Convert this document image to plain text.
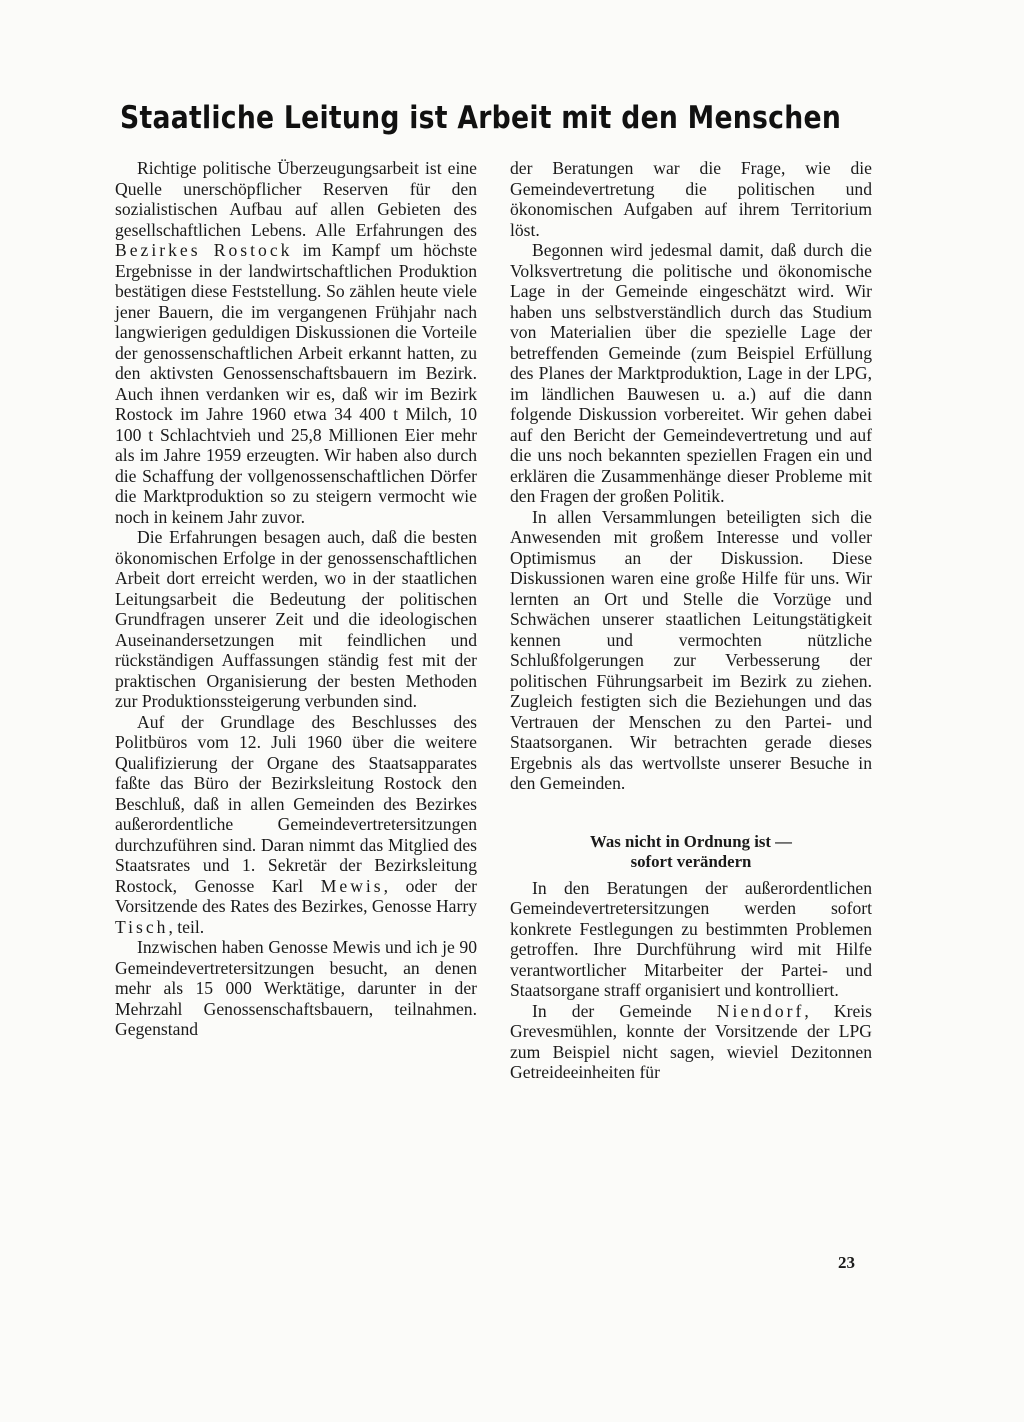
Staatliche Leitung ist Arbeit mit den Menschen

Richtige politische Überzeugungsarbeit ist eine Quelle unerschöpflicher Reserven für den sozialistischen Aufbau auf allen Gebieten des gesellschaftlichen Lebens. Alle Erfahrungen des Bezirkes Rostock im Kampf um höchste Ergebnisse in der landwirtschaftlichen Produktion bestätigen diese Feststellung. So zählen heute viele jener Bauern, die im vergangenen Frühjahr nach langwierigen geduldigen Diskussionen die Vorteile der genossenschaftlichen Arbeit erkannt hatten, zu den aktivsten Genossenschaftsbauern im Bezirk. Auch ihnen verdanken wir es, daß wir im Bezirk Rostock im Jahre 1960 etwa 34 400 t Milch, 10 100 t Schlachtvieh und 25,8 Millionen Eier mehr als im Jahre 1959 erzeugten. Wir haben also durch die Schaffung der vollgenossenschaftlichen Dörfer die Marktproduktion so zu steigern vermocht wie noch in keinem Jahr zuvor.

Die Erfahrungen besagen auch, daß die besten ökonomischen Erfolge in der genossenschaftlichen Arbeit dort erreicht werden, wo in der staatlichen Leitungsarbeit die Bedeutung der politischen Grundfragen unserer Zeit und die ideologischen Auseinandersetzungen mit feindlichen und rückständigen Auffassungen ständig fest mit der praktischen Organisierung der besten Methoden zur Produktionssteigerung verbunden sind.

Auf der Grundlage des Beschlusses des Politbüros vom 12. Juli 1960 über die weitere Qualifizierung der Organe des Staatsapparates faßte das Büro der Bezirksleitung Rostock den Beschluß, daß in allen Gemeinden des Bezirkes außerordentliche Gemeindevertretersitzungen durchzuführen sind. Daran nimmt das Mitglied des Staatsrates und 1. Sekretär der Bezirksleitung Rostock, Genosse Karl Mewis, oder der Vorsitzende des Rates des Bezirkes, Genosse Harry Tisch, teil.

Inzwischen haben Genosse Mewis und ich je 90 Gemeindevertretersitzungen besucht, an denen mehr als 15 000 Werktätige, darunter in der Mehrzahl Genossenschaftsbauern, teilnahmen. Gegenstand

der Beratungen war die Frage, wie die Gemeindevertretung die politischen und ökonomischen Aufgaben auf ihrem Territorium löst.

Begonnen wird jedesmal damit, daß durch die Volksvertretung die politische und ökonomische Lage in der Gemeinde eingeschätzt wird. Wir haben uns selbstverständlich durch das Studium von Materialien über die spezielle Lage der betreffenden Gemeinde (zum Beispiel Erfüllung des Planes der Marktproduktion, Lage in der LPG, im ländlichen Bauwesen u. a.) auf die dann folgende Diskussion vorbereitet. Wir gehen dabei auf den Bericht der Gemeindevertretung und auf die uns noch bekannten speziellen Fragen ein und erklären die Zusammenhänge dieser Probleme mit den Fragen der großen Politik.

In allen Versammlungen beteiligten sich die Anwesenden mit großem Interesse und voller Optimismus an der Diskussion. Diese Diskussionen waren eine große Hilfe für uns. Wir lernten an Ort und Stelle die Vorzüge und Schwächen unserer staatlichen Leitungstätigkeit kennen und vermochten nützliche Schlußfolgerungen zur Verbesserung der politischen Führungsarbeit im Bezirk zu ziehen. Zugleich festigten sich die Beziehungen und das Vertrauen der Menschen zu den Partei- und Staatsorganen. Wir betrachten gerade dieses Ergebnis als das wertvollste unserer Besuche in den Gemeinden.

Was nicht in Ordnung ist —
sofort verändern

In den Beratungen der außerordentlichen Gemeindevertretersitzungen werden sofort konkrete Festlegungen zu bestimmten Problemen getroffen. Ihre Durchführung wird mit Hilfe verantwortlicher Mitarbeiter der Partei- und Staatsorgane straff organisiert und kontrolliert.

In der Gemeinde Niendorf, Kreis Grevesmühlen, konnte der Vorsitzende der LPG zum Beispiel nicht sagen, wieviel Dezitonnen Getreideeinheiten für

23
